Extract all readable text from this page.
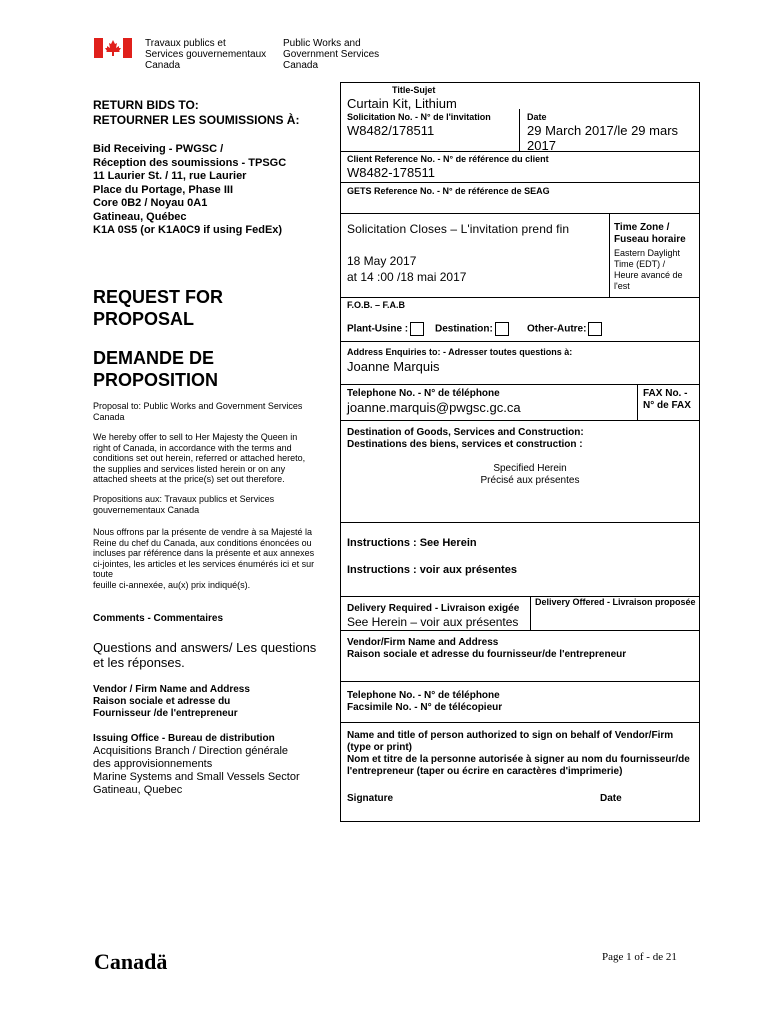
Travaux publics et
Services gouvernementaux
Canada
Public Works and
Government Services
Canada
RETURN BIDS TO:
RETOURNER LES SOUMISSIONS À:
Bid Receiving - PWGSC /
Réception des soumissions - TPSGC
11 Laurier St. / 11, rue Laurier
Place du Portage, Phase III
Core 0B2 / Noyau 0A1
Gatineau, Québec
K1A 0S5 (or K1A0C9 if using FedEx)
REQUEST FOR
PROPOSAL
DEMANDE DE
PROPOSITION
Proposal to: Public Works and Government Services
Canada
We hereby offer to sell to Her Majesty the Queen in
right of Canada, in accordance with the terms and
conditions set out herein, referred or attached hereto,
the supplies and services listed herein or on any
attached sheets at the price(s) set out therefore.
Propositions aux: Travaux publics et Services
gouvernementaux Canada
Nous offrons par la présente de vendre à sa Majesté la
Reine du chef du Canada, aux conditions énoncées ou
incluses par référence dans la présente et aux annexes
ci-jointes, les articles et les services énumérés ici et sur
toute
feuille ci-annexée, au(x) prix indiqué(s).
Comments - Commentaires
Questions and answers/ Les questions
et les réponses.
Vendor / Firm Name and Address
Raison sociale et adresse du
Fournisseur /de l'entrepreneur
Issuing Office - Bureau de distribution
Acquisitions Branch / Direction générale
des approvisionnements
Marine Systems and Small Vessels Sector
Gatineau, Quebec
Title-Sujet
Curtain Kit, Lithium
Solicitation No. - N° de l'invitation
W8482/178511
Date
29 March 2017/le 29 mars
2017
Client Reference No. - N° de référence du client
W8482-178511
GETS Reference No. - N° de référence de SEAG
Solicitation Closes – L'invitation prend fin
18 May 2017
at 14 :00 /18 mai 2017
Time Zone /
Fuseau horaire
Eastern Daylight
Time (EDT) /
Heure avancé de
l'est
F.O.B. – F.A.B
Plant-Usine :	Destination:	Other-Autre:
Address Enquiries to: - Adresser toutes questions à:
Joanne Marquis
Telephone No. - N° de téléphone
joanne.marquis@pwgsc.gc.ca
FAX No. -
N° de FAX
Destination of Goods, Services and Construction:
Destinations des biens, services et construction :
Specified Herein
Précisé aux présentes
Instructions : See Herein
Instructions : voir aux présentes
Delivery Required - Livraison exigée
See Herein – voir aux présentes
Delivery Offered - Livraison proposée
Vendor/Firm Name and Address
Raison sociale et adresse du fournisseur/de l'entrepreneur
Telephone No. - N° de téléphone
Facsimile No. - N° de télécopieur
Name and title of person authorized to sign on behalf of Vendor/Firm
(type or print)
Nom et titre de la personne autorisée à signer au nom du fournisseur/de
l'entrepreneur (taper ou écrire en caractères d'imprimerie)
Signature	Date
Canadä	Page 1 of - de 21
